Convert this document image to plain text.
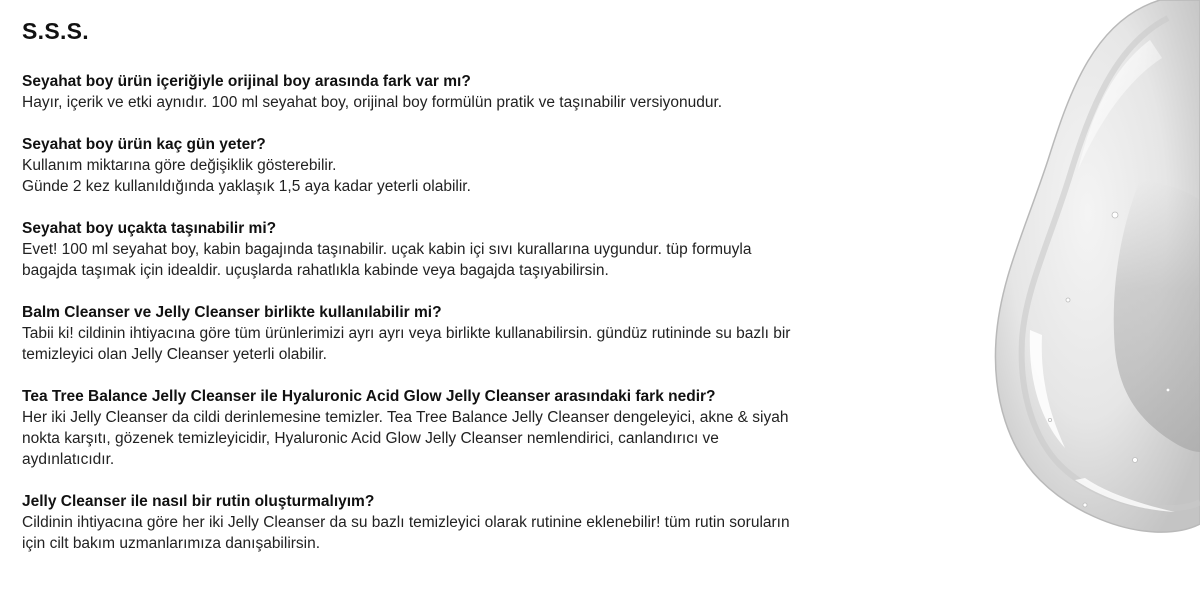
S.S.S.
Seyahat boy ürün içeriğiyle orijinal boy arasında fark var mı?
Hayır, içerik ve etki aynıdır. 100 ml seyahat boy, orijinal boy formülün pratik ve taşınabilir versiyonudur.
Seyahat boy ürün kaç gün yeter?
Kullanım miktarına göre değişiklik gösterebilir.
Günde 2 kez kullanıldığında yaklaşık 1,5 aya kadar yeterli olabilir.
Seyahat boy uçakta taşınabilir mi?
Evet! 100 ml seyahat boy, kabin bagajında taşınabilir. uçak kabin içi sıvı kurallarına uygundur. tüp formuyla
bagajda taşımak için idealdir. uçuşlarda rahatlıkla kabinde veya bagajda taşıyabilirsin.
Balm Cleanser ve Jelly Cleanser birlikte kullanılabilir mi?
Tabii ki! cildinin ihtiyacına göre tüm ürünlerimizi ayrı ayrı veya birlikte kullanabilirsin. gündüz rutininde su bazlı bir
temizleyici olan Jelly Cleanser yeterli olabilir.
Tea Tree Balance Jelly Cleanser ile Hyaluronic Acid Glow Jelly Cleanser arasındaki fark nedir?
Her iki Jelly Cleanser da cildi derinlemesine temizler. Tea Tree Balance Jelly Cleanser dengeleyici, akne & siyah
nokta karşıtı, gözenek temizleyicidir, Hyaluronic Acid Glow Jelly Cleanser nemlendirici, canlandırıcı ve
aydınlatıcıdır.
Jelly Cleanser ile nasıl bir rutin oluşturmalıyım?
Cildinin ihtiyacına göre her iki Jelly Cleanser da su bazlı temizleyici olarak rutinine eklenebilir! tüm rutin soruların
için cilt bakım uzmanlarımıza danışabilirsin.
